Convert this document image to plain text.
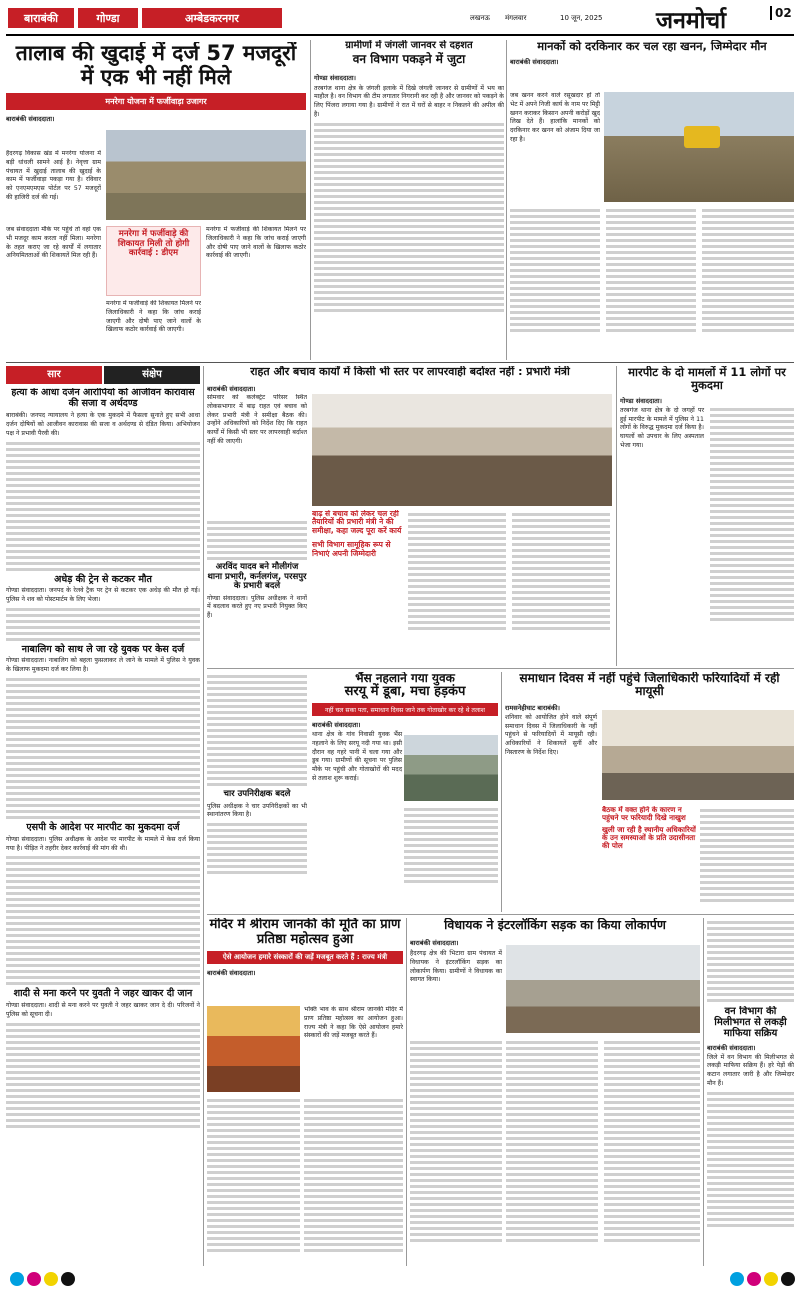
बाराबंकी	गोण्डा	अम्बेडकरनगर	लखनऊ मंगलवार	10 जून, 2025 जनमोर्चा	02
तालाब की खुदाई में दर्ज 57 मजदूरों में एक भी नहीं मिले
मनरेगा योजना में फर्जीवाड़ा उजागर
बाराबंकी संवाददाता।
हैदरगढ़ विकास खंड में मनरेगा योजना में बड़ी धांधली सामने आई है। नेवृत्ता ग्राम पंचायत में खुदाई तालाब की खुदाई के काम में फर्जीवाड़ा पकड़ा गया है। रविवार को एनएमएमएस पोर्टल पर 57 मजदूरों की हाजिरी दर्ज की गई।
जब संवाददाता मौके पर पहुंचे तो वहां एक भी मजदूर काम करता नहीं मिला। मनरेगा के तहत कराए जा रहे कार्यों में लगातार अनियमितताओं की शिकायतें मिल रही हैं।
मनरेगा में फर्जीवाड़े की शिकायत मिली तो होगी कार्रवाई : डीएम
मनरेगा में फर्जीवाड़े की शिकायत मिलने पर जिलाधिकारी ने कहा कि जांच कराई जाएगी और दोषी पाए जाने वालों के खिलाफ कठोर कार्रवाई की जाएगी।
मनरेगा में फर्जीवाड़े की शिकायत मिलने पर जिलाधिकारी ने कहा कि जांच कराई जाएगी और दोषी पाए जाने वालों के खिलाफ कठोर कार्रवाई की जाएगी।
ग्रामीणों में जंगली जानवर से दहशत
वन विभाग पकड़ने में जुटा
गोण्डा संवाददाता।
तरबगंज थाना क्षेत्र के जंगली इलाके में दिखे जंगली जानवर से ग्रामीणों में भय का माहौल है। वन विभाग की टीम लगातार निगरानी कर रही है और जानवर को पकड़ने के लिए पिंजरा लगाया गया है। ग्रामीणों ने रात में घरों से बाहर न निकलने की अपील की है।
मानकों को दरकिनार कर चल रहा खनन, जिम्मेदार मौन
बाराबंकी संवाददाता।
जब खनन करने वाले रसूखदार हों तो भेट में अपने निजी कार्य के नाम पर मिट्टी खनन कराकर किसान अपनी करोड़ों खुद लिख देते हैं। हालांकि मानकों को दरकिनार कर खनन को अंजाम दिया जा रहा है।
सार	संक्षेप
हत्या के आधा दर्जन आरोपियों को आजीवन कारावास की सजा व अर्थदण्ड
बाराबंकी। जनपद न्यायालय ने हत्या के एक मुकदमे में फैसला सुनाते हुए सभी आधा दर्जन दोषियों को आजीवन कारावास की सजा व अर्थदण्ड से दंडित किया। अभियोजन पक्ष ने प्रभावी पैरवी की।
अधेड़ की ट्रेन से कटकर मौत
गोण्डा संवाददाता। जनपद के रेलवे ट्रैक पर ट्रेन से कटकर एक अधेड़ की मौत हो गई। पुलिस ने शव को पोस्टमार्टम के लिए भेजा।
नाबालिग को साथ ले जा रहे युवक पर केस दर्ज
गोण्डा संवाददाता। नाबालिग को बहला फुसलाकर ले जाने के मामले में पुलिस ने युवक के खिलाफ मुकदमा दर्ज कर लिया है।
एसपी के आदेश पर मारपीट का मुकदमा दर्ज
गोण्डा संवाददाता। पुलिस अधीक्षक के आदेश पर मारपीट के मामले में केस दर्ज किया गया है। पीड़ित ने तहरीर देकर कार्रवाई की मांग की थी।
शादी से मना करने पर युवती ने जहर खाकर दी जान
गोण्डा संवाददाता। शादी से मना करने पर युवती ने जहर खाकर जान दे दी। परिजनों ने पुलिस को सूचना दी।
राहत और बचाव कार्यों में किसी भी स्तर पर लापरवाही बर्दाश्त नहीं : प्रभारी मंत्री
बाराबंकी संवाददाता।
सोमवार को कलेक्ट्रेट परिसर स्थित लोकसभागार में बाढ़ राहत एवं बचाव को लेकर प्रभारी मंत्री ने समीक्षा बैठक की। उन्होंने अधिकारियों को निर्देश दिए कि राहत कार्यों में किसी भी स्तर पर लापरवाही बर्दाश्त नहीं की जाएगी।
बाढ़ से बचाव को लेकर चल रही तैयारियों की प्रभारी मंत्री ने की समीक्षा, कहा जल्द पूरा करें कार्य
सभी विभाग सामूहिक रूप से निभाएं अपनी जिम्मेदारी
अरविंद यादव बने मौलीगंज थाना प्रभारी, कर्नलगंज, परसपुर के प्रभारी बदले
गोण्डा संवाददाता। पुलिस अधीक्षक ने थानों में बदलाव करते हुए नए प्रभारी नियुक्त किए हैं।
मारपीट के दो मामलों में 11 लोगों पर मुकदमा
गोण्डा संवाददाता।
तरबगंज थाना क्षेत्र के दो जगहों पर हुई मारपीट के मामले में पुलिस ने 11 लोगों के विरुद्ध मुकदमा दर्ज किया है। घायलों को उपचार के लिए अस्पताल भेजा गया।
चार उपनिरीक्षक बदले
पुलिस अधीक्षक ने चार उपनिरीक्षकों का भी स्थानांतरण किया है।
भैंस नहलाने गया युवक
सरयू में डूबा, मचा हड़कंप
नहीं चल सका पता, समाधान दिवस जाने तक गोताखोर कर रहे थे तलाश
बाराबंकी संवाददाता।
थाना क्षेत्र के गांव निवासी युवक भैंस नहलाने के लिए सरयू नदी गया था। इसी दौरान वह गहरे पानी में चला गया और डूब गया। ग्रामीणों की सूचना पर पुलिस मौके पर पहुंची और गोताखोरों की मदद से तलाश शुरू कराई।
समाधान दिवस में नहीं पहुंचे जिलाधिकारी फरियादियों में रही मायूसी
रामसनेहीघाट बाराबंकी।
शनिवार को आयोजित होने वाले संपूर्ण समाधान दिवस में जिलाधिकारी के नहीं पहुंचने से फरियादियों में मायूसी रही। अधिकारियों ने शिकायतें सुनीं और निस्तारण के निर्देश दिए।
बैठक में वक्त होने के कारण न पहुंचने पर फरियादी दिखे नाखुश
खुली जा रही है स्थानीय अधिकारियों के उन समस्याओं के प्रति उदासीनता की पोल
मंदिर में श्रीराम जानकी की मूर्ति का प्राण प्रतिष्ठा महोत्सव हुआ
ऐसे आयोजन हमारे संस्कारों की जड़ें मजबूत करते हैं : राज्य मंत्री
बाराबंकी संवाददाता।
भक्ति भाव के साथ श्रीराम जानकी मंदिर में प्राण प्रतिष्ठा महोत्सव का आयोजन हुआ। राज्य मंत्री ने कहा कि ऐसे आयोजन हमारे संस्कारों की जड़ें मजबूत करते हैं।
विधायक ने इंटरलॉकिंग सड़क का किया लोकार्पण
बाराबंकी संवाददाता।
हैदरगढ़ क्षेत्र की भिटारा ग्राम पंचायत में विधायक ने इंटरलॉकिंग सड़क का लोकार्पण किया। ग्रामीणों ने विधायक का स्वागत किया।
वन विभाग की मिलीभगत से लकड़ी माफिया सक्रिय
बाराबंकी संवाददाता।
जिले में वन विभाग की मिलीभगत से लकड़ी माफिया सक्रिय हैं। हरे पेड़ों की कटान लगातार जारी है और जिम्मेदार मौन हैं।
